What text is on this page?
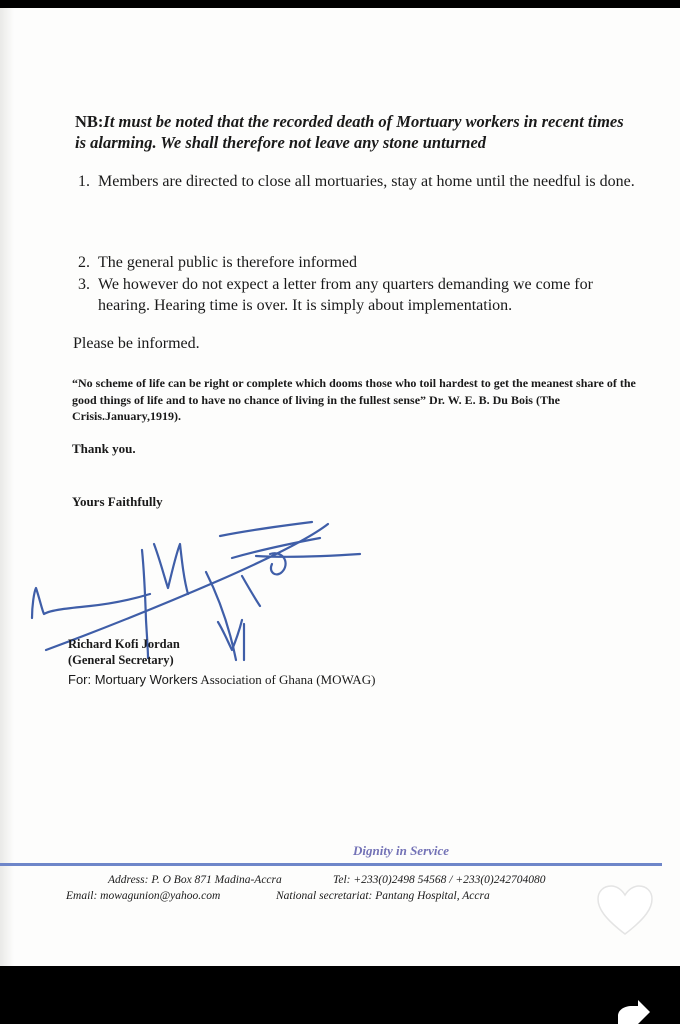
NB:It must be noted that the recorded death of Mortuary workers in recent times is alarming. We shall therefore not leave any stone unturned
1. Members are directed to close all mortuaries, stay at home until the needful is done.
2. The general public is therefore informed
3. We however do not expect a letter from any quarters demanding we come for hearing. Hearing time is over. It is simply about implementation.
Please be informed.
“No scheme of life can be right or complete which dooms those who toil hardest to get the meanest share of the good things of life and to have no chance of living in the fullest sense” Dr. W. E. B. Du Bois (The Crisis.January,1919).
Thank you.
Yours Faithfully
Richard Kofi Jordan
(General Secretary)
For: Mortuary Workers Association of Ghana (MOWAG)
Dignity in Service
Address: P. O Box 871 Madina-Accra	Tel: +233(0)2498 54568 / +233(0)242704080
Email: mowagunion@yahoo.com	National secretariat: Pantang Hospital, Accra
